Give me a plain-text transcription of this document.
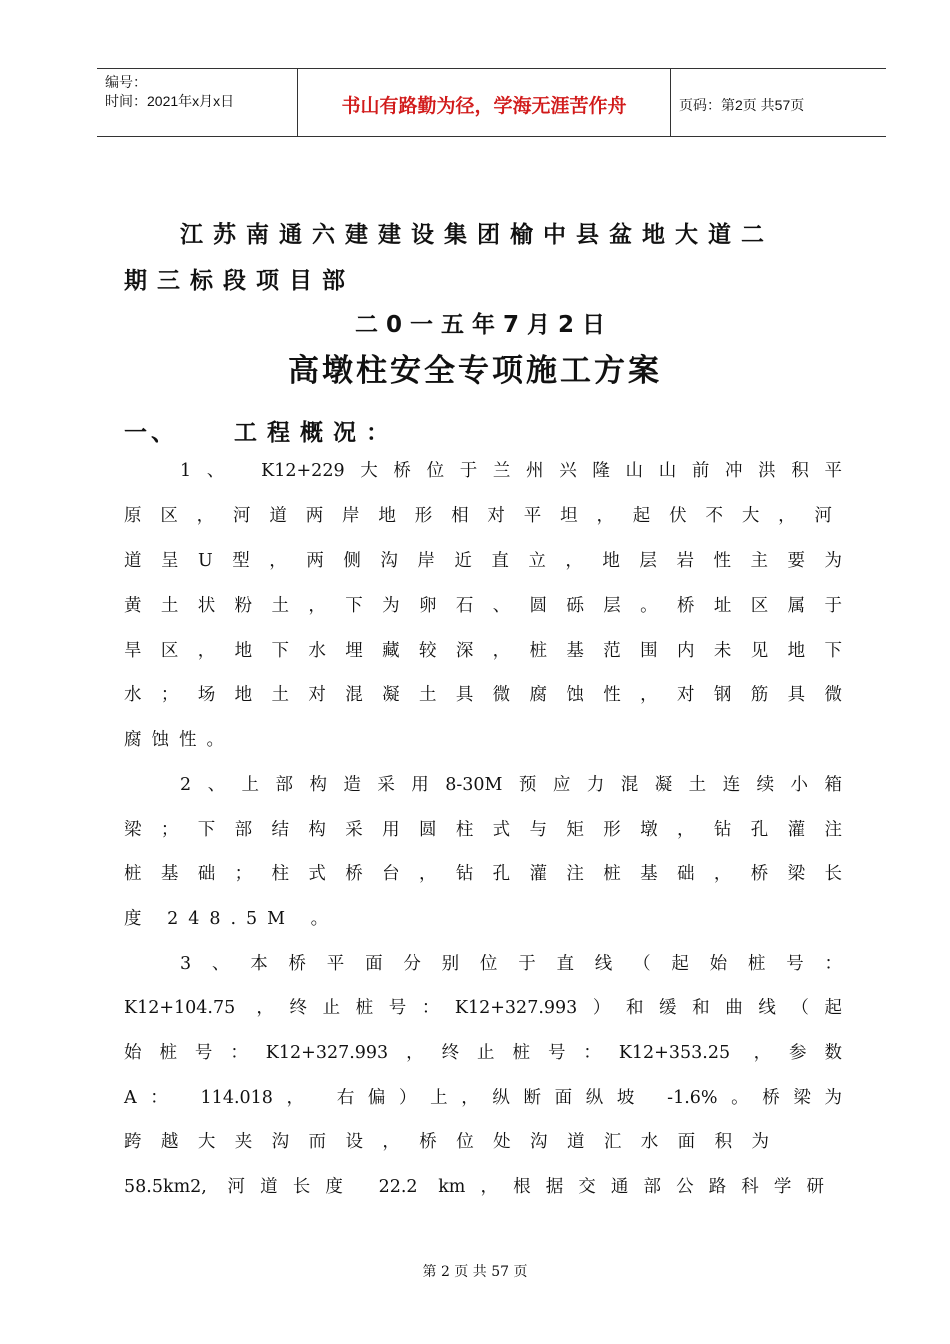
编号：
时间：2021年x月x日	书山有路勤为径，学海无涯苦作舟	页码：第2页 共57页
江苏南通六建建设集团榆中县盆地大道二
期三标段项目部
二0一五年7月2日
高墩柱安全专项施工方案
一、 工程概况：
1、 K12+229大桥位于兰州兴隆山山前冲洪积平
原区，河道两岸地形相对平坦，起伏不大，河
道呈U型，两侧沟岸近直立，地层岩性主要为
黄土状粉土，下为卵石、圆砾层。桥址区属于
旱区，地下水埋藏较深，桩基范围内未见地下
水；场地土对混凝土具微腐蚀性，对钢筋具微
腐蚀性。
2、上部构造采用8-30M预应力混凝土连续小箱
梁；下部结构采用圆柱式与矩形墩，钻孔灌注
桩基础；柱式桥台，钻孔灌注桩基础，桥梁长
度 248.5M 。
3、本桥平面分别位于直线（起始桩号：
K12+104.75 ，终止桩号：K12+327.993）和缓和曲线（起
始桩号：K12+327.993，终止桩号：K12+353.25 ，参数
A： 114.018， 右偏）上，纵断面纵坡 -1.6%。桥梁为
跨越大夹沟而设，桥位处沟道汇水面积为
58.5km2, 河道长度 22.2 km，根据交通部公路科学研
第 2 页 共 57 页
